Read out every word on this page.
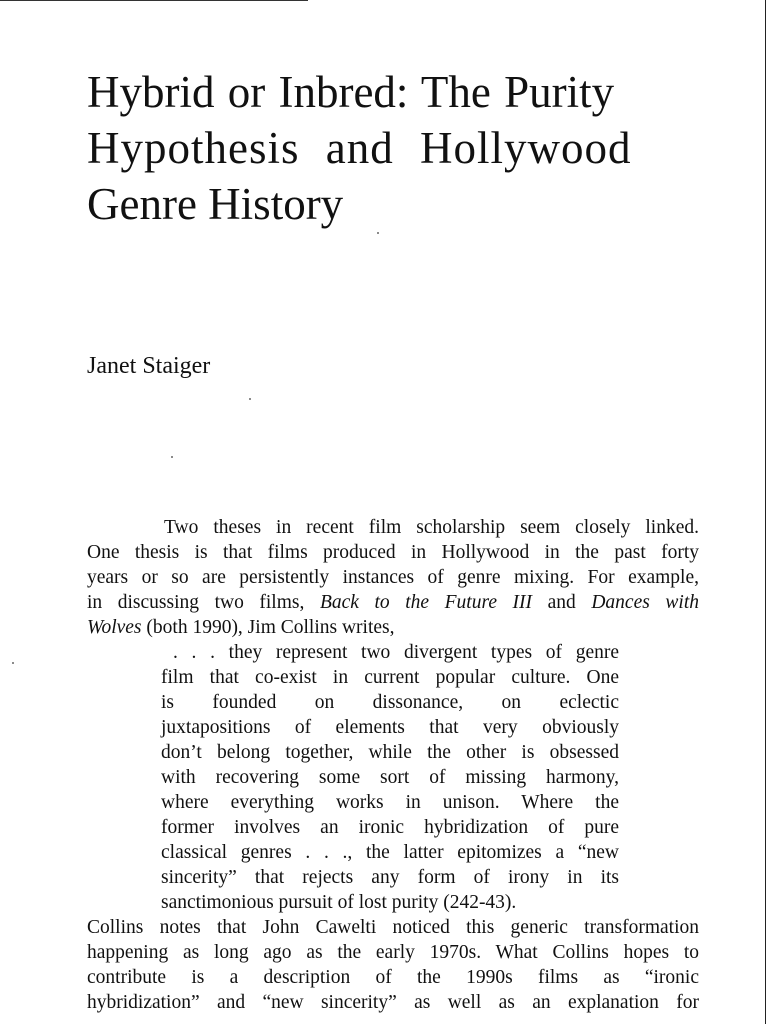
Hybrid or Inbred: The Purity
Hypothesis and Hollywood
Genre History
Janet Staiger
Two theses in recent film scholarship seem closely linked.
One thesis is that films produced in Hollywood in the past forty
years or so are persistently instances of genre mixing. For example,
in discussing two films, Back to the Future III and Dances with
Wolves (both 1990), Jim Collins writes,
. . . they represent two divergent types of genre
film that co-exist in current popular culture. One
is founded on dissonance, on eclectic
juxtapositions of elements that very obviously
don’t belong together, while the other is obsessed
with recovering some sort of missing harmony,
where everything works in unison. Where the
former involves an ironic hybridization of pure
classical genres . . ., the latter epitomizes a “new
sincerity” that rejects any form of irony in its
sanctimonious pursuit of lost purity (242-43).
Collins notes that John Cawelti noticed this generic transformation
happening as long ago as the early 1970s. What Collins hopes to
contribute is a description of the 1990s films as “ironic
hybridization” and “new sincerity” as well as an explanation for
